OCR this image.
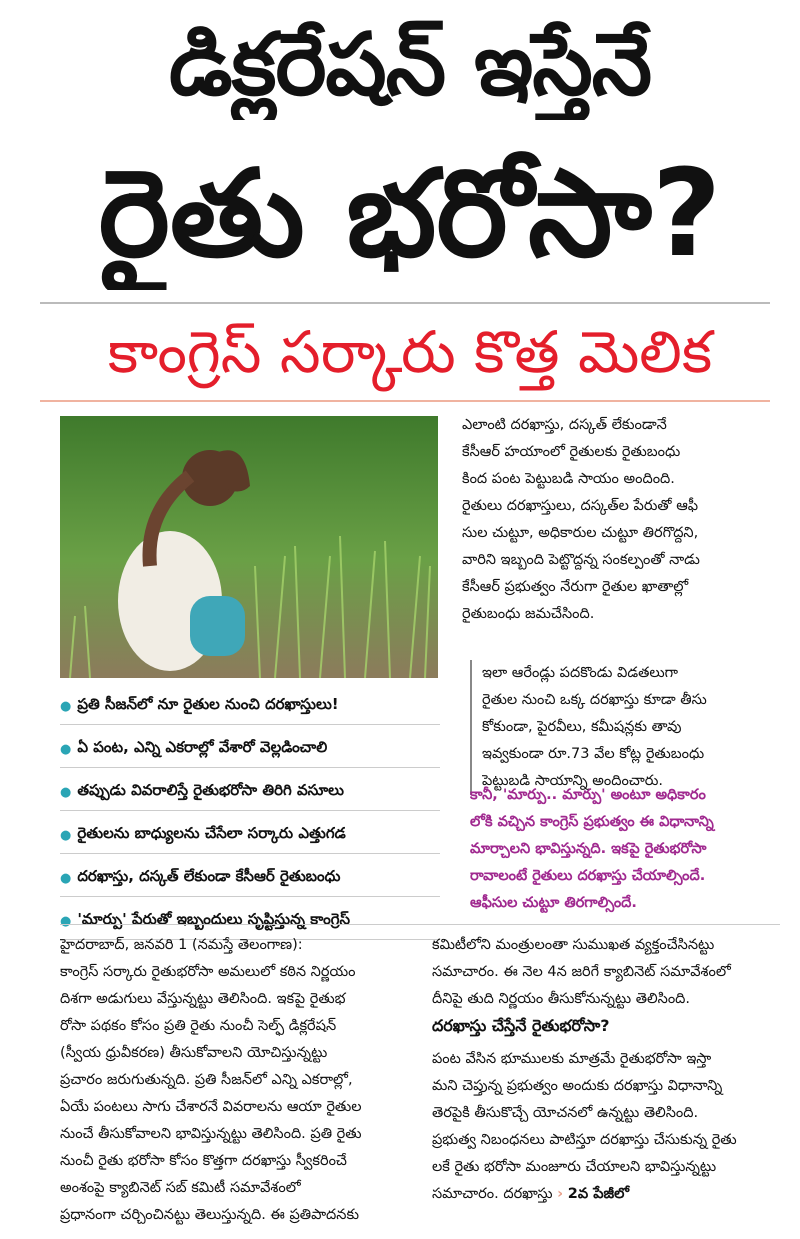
డిక్లరేషన్ ఇస్తేనే
రైతు భరోసా?
కాంగ్రెస్ సర్కారు కొత్త మెలిక
● ప్రతి సీజన్‌లో నూ రైతుల నుంచి దరఖాస్తులు!
● ఏ పంట, ఎన్ని ఎకరాల్లో వేశారో వెల్లడించాలి
● తప్పుడు వివరాలిస్తే రైతుభరోసా తిరిగి వసూలు
● రైతులను బాధ్యులను చేసేలా సర్కారు ఎత్తుగడ
● దరఖాస్తు, దస్కత్ లేకుండా కేసీఆర్ రైతుబంధు
● 'మార్పు' పేరుతో ఇబ్బందులు సృష్టిస్తున్న కాంగ్రెస్
ఎలాంటి దరఖాస్తు, దస్కత్ లేకుండానే
కేసీఆర్ హయాంలో రైతులకు రైతుబంధు
కింద పంట పెట్టుబడి సాయం అందింది.
రైతులు దరఖాస్తులు, దస్కత్‌ల పేరుతో ఆఫీ
సుల చుట్టూ, అధికారుల చుట్టూ తిరగొద్దని,
వారిని ఇబ్బంది పెట్టొద్దన్న సంకల్పంతో నాడు
కేసీఆర్ ప్రభుత్వం నేరుగా రైతుల ఖాతాల్లో
రైతుబంధు జమచేసింది.
ఇలా ఆరేండ్లు పదకొండు విడతలుగా
రైతుల నుంచి ఒక్క దరఖాస్తు కూడా తీసు
కోకుండా, పైరవీలు, కమీషన్లకు తావు
ఇవ్వకుండా రూ.73 వేల కోట్ల రైతుబంధు
పెట్టుబడి సాయాన్ని అందించారు.
కానీ, 'మార్పు.. మార్పు' అంటూ అధికారం
లోకి వచ్చిన కాంగ్రెస్ ప్రభుత్వం ఈ విధానాన్ని
మార్చాలని భావిస్తున్నది. ఇకపై రైతుభరోసా
రావాలంటే రైతులు దరఖాస్తు చేయాల్సిందే.
ఆఫీసుల చుట్టూ తిరగాల్సిందే.
హైదరాబాద్, జనవరి 1 (నమస్తే తెలంగాణ):
కాంగ్రెస్ సర్కారు రైతుభరోసా అమలులో కఠిన నిర్ణయం
దిశగా అడుగులు వేస్తున్నట్టు తెలిసింది. ఇకపై రైతుభ
రోసా పథకం కోసం ప్రతి రైతు నుంచీ సెల్ఫ్ డిక్లరేషన్
(స్వీయ ధ్రువీకరణ) తీసుకోవాలని యోచిస్తున్నట్టు
ప్రచారం జరుగుతున్నది. ప్రతి సీజన్‌లో ఎన్ని ఎకరాల్లో,
ఏయే పంటలు సాగు చేశారనే వివరాలను ఆయా రైతుల
నుంచే తీసుకోవాలని భావిస్తున్నట్టు తెలిసింది. ప్రతి రైతు
నుంచీ రైతు భరోసా కోసం కొత్తగా దరఖాస్తు స్వీకరించే
అంశంపై క్యాబినెట్ సబ్ కమిటీ సమావేశంలో
ప్రధానంగా చర్చించినట్టు తెలుస్తున్నది. ఈ ప్రతిపాదనకు
కమిటీలోని మంత్రులంతా సుముఖత వ్యక్తంచేసినట్టు
సమాచారం. ఈ నెల 4న జరిగే క్యాబినెట్ సమావేశంలో
దీనిపై తుది నిర్ణయం తీసుకోనున్నట్టు తెలిసింది.
దరఖాస్తు చేస్తేనే రైతుభరోసా?
పంట వేసిన భూములకు మాత్రమే రైతుభరోసా ఇస్తా
మని చెప్తున్న ప్రభుత్వం అందుకు దరఖాస్తు విధానాన్ని
తెరపైకి తీసుకొచ్చే యోచనలో ఉన్నట్టు తెలిసింది.
ప్రభుత్వ నిబంధనలు పాటిస్తూ దరఖాస్తు చేసుకున్న రైతు
లకే రైతు భరోసా మంజూరు చేయాలని భావిస్తున్నట్టు
సమాచారం. దరఖాస్తు › 2వ పేజీలో
